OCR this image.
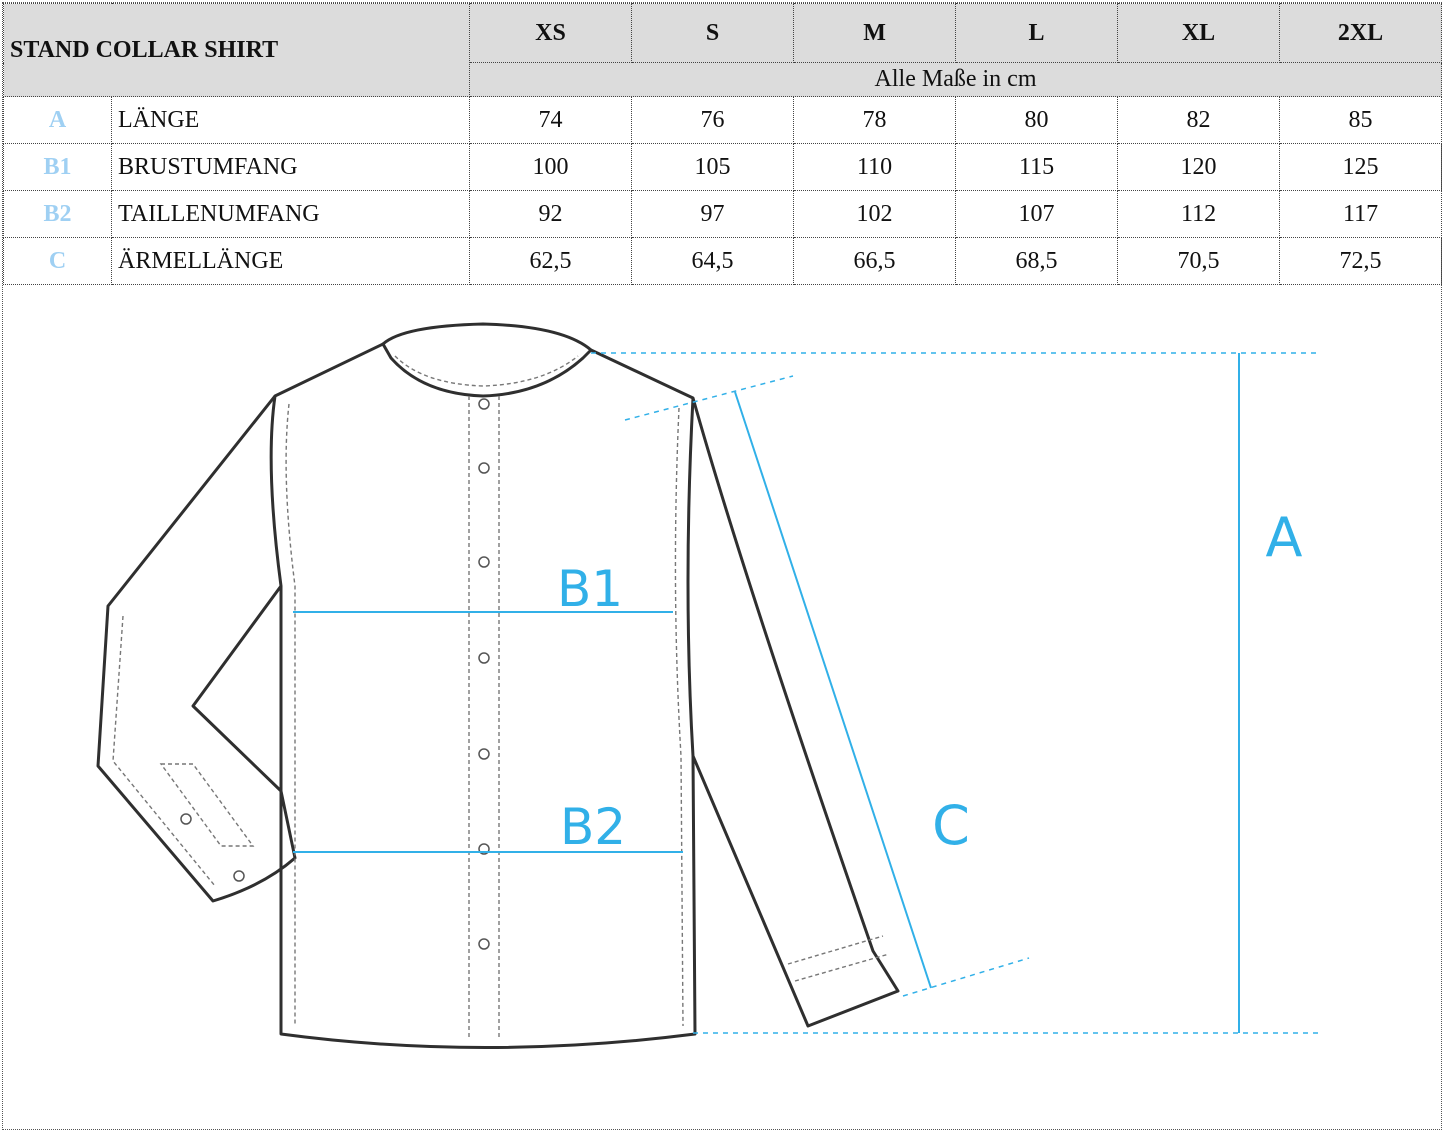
STAND COLLAR SHIRT		XS	S	M	L	XL	2XL
		Alle Maße in cm					
A	LÄNGE	74	76	78	80	82	85
B1	BRUSTUMFANG	100	105	110	115	120	125
B2	TAILLENUMFANG	92	97	102	107	112	117
C	ÄRMELLÄNGE	62,5	64,5	66,5	68,5	70,5	72,5
B1
B2
A
C
